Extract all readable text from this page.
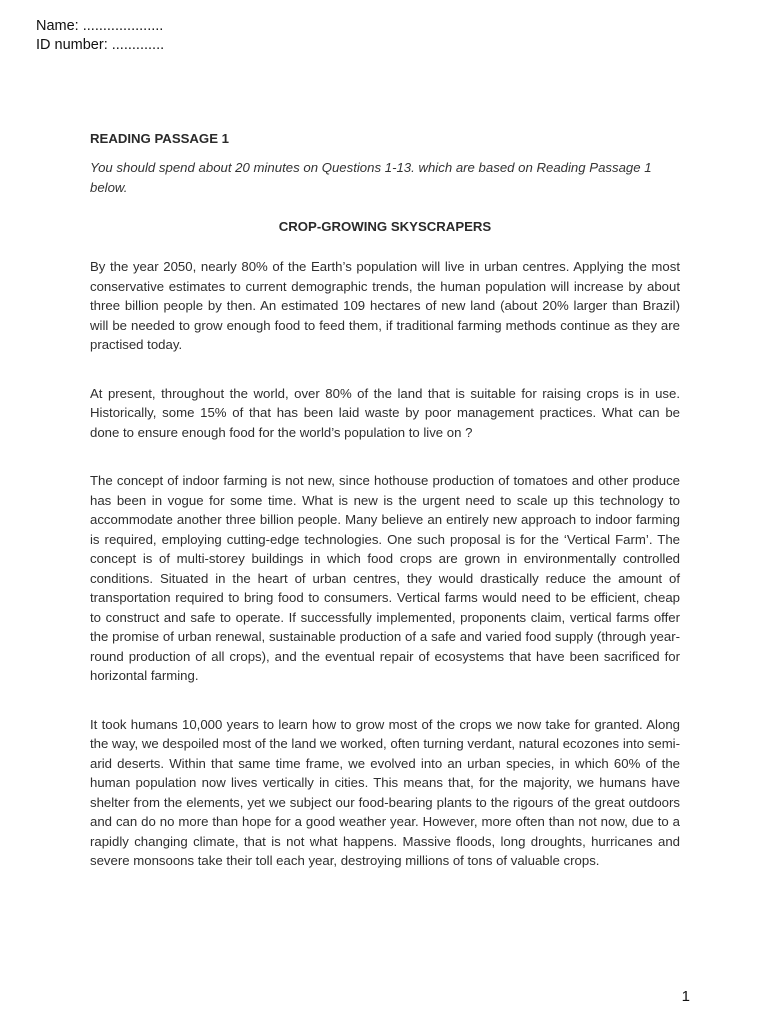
Name: ....................
ID number: .............

READING PASSAGE 1

You should spend about 20 minutes on Questions 1-13. which are based on Reading Passage 1 below.

CROP-GROWING SKYSCRAPERS

By the year 2050, nearly 80% of the Earth’s population will live in urban centres. Applying the most conservative estimates to current demographic trends, the human population will increase by about three billion people by then. An estimated 109 hectares of new land (about 20% larger than Brazil) will be needed to grow enough food to feed them, if traditional farming methods continue as they are practised today.

At present, throughout the world, over 80% of the land that is suitable for raising crops is in use. Historically, some 15% of that has been laid waste by poor management practices. What can be done to ensure enough food for the world’s population to live on ?

The concept of indoor farming is not new, since hothouse production of tomatoes and other produce has been in vogue for some time. What is new is the urgent need to scale up this technology to accommodate another three billion people. Many believe an entirely new approach to indoor farming is required, employing cutting-edge technologies. One such proposal is for the ‘Vertical Farm’. The concept is of multi-storey buildings in which food crops are grown in environmentally controlled conditions. Situated in the heart of urban centres, they would drastically reduce the amount of transportation required to bring food to consumers. Vertical farms would need to be efficient, cheap to construct and safe to operate. If successfully implemented, proponents claim, vertical farms offer the promise of urban renewal, sustainable production of a safe and varied food supply (through year-round production of all crops), and the eventual repair of ecosystems that have been sacrificed for horizontal farming.

It took humans 10,000 years to learn how to grow most of the crops we now take for granted. Along the way, we despoiled most of the land we worked, often turning verdant, natural ecozones into semi-arid deserts. Within that same time frame, we evolved into an urban species, in which 60% of the human population now lives vertically in cities. This means that, for the majority, we humans have shelter from the elements, yet we subject our food-bearing plants to the rigours of the great outdoors and can do no more than hope for a good weather year. However, more often than not now, due to a rapidly changing climate, that is not what happens. Massive floods, long droughts, hurricanes and severe monsoons take their toll each year, destroying millions of tons of valuable crops.

1
